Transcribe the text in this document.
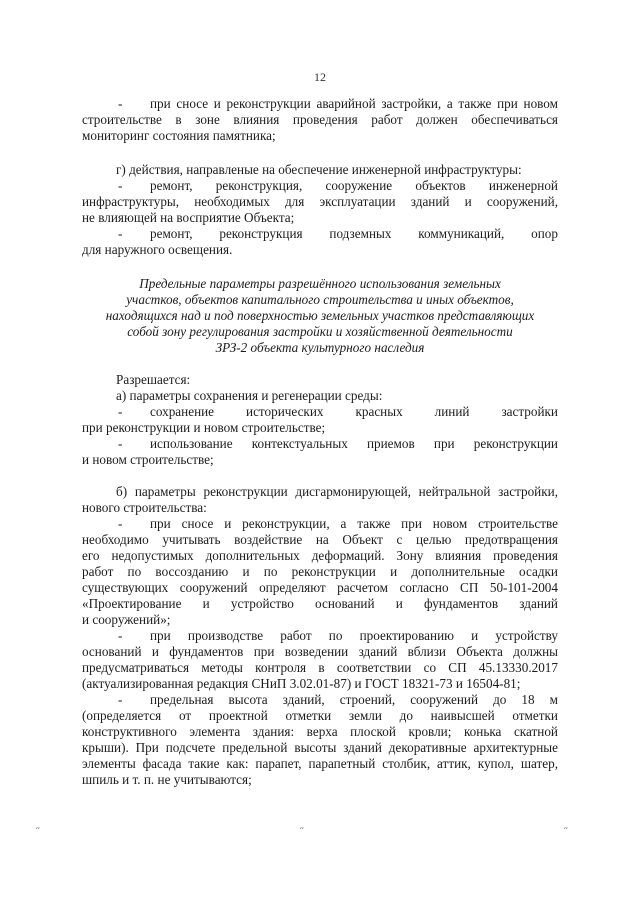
12
- при сносе и реконструкции аварийной застройки, а также при новом
строительстве в зоне влияния проведения работ должен обеспечиваться
мониторинг состояния памятника;
г) действия, направленые на обеспечение инженерной инфраструктуры:
- ремонт, реконструкция, сооружение объектов инженерной
инфраструктуры, необходимых для эксплуатации зданий и сооружений,
не влияющей на восприятие Объекта;
- ремонт, реконструкция подземных коммуникаций, опор
для наружного освещения.
Предельные параметры разрешённого использования земельных
участков, объектов капитального строительства и иных объектов,
находящихся над и под поверхностью земельных участков представляющих
собой зону регулирования застройки и хозяйственной деятельности
ЗРЗ-2 объекта культурного наследия
Разрешается:
а) параметры сохранения и регенерации среды:
- сохранение исторических красных линий застройки
при реконструкции и новом строительстве;
- использование контекстуальных приемов при реконструкции
и новом строительстве;
б) параметры реконструкции дисгармонирующей, нейтральной застройки,
нового строительства:
- при сносе и реконструкции, а также при новом строительстве
необходимо учитывать воздействие на Объект с целью предотвращения
его недопустимых дополнительных деформаций. Зону влияния проведения
работ по воссозданию и по реконструкции и дополнительные осадки
существующих сооружений определяют расчетом согласно СП 50-101-2004
«Проектирование и устройство оснований и фундаментов зданий
и сооружений»;
- при производстве работ по проектированию и устройству
оснований и фундаментов при возведении зданий вблизи Объекта должны
предусматриваться методы контроля в соответствии со СП 45.13330.2017
(актуализированная редакция СНиП 3.02.01-87) и ГОСТ 18321-73 и 16504-81;
- предельная высота зданий, строений, сооружений до 18 м
(определяется от проектной отметки земли до наивысшей отметки
конструктивного элемента здания: верха плоской кровли; конька скатной
крыши). При подсчете предельной высоты зданий декоративные архитектурные
элементы фасада такие как: парапет, парапетный столбик, аттик, купол, шатер,
шпиль и т. п. не учитываются;
˝	˝	˝
